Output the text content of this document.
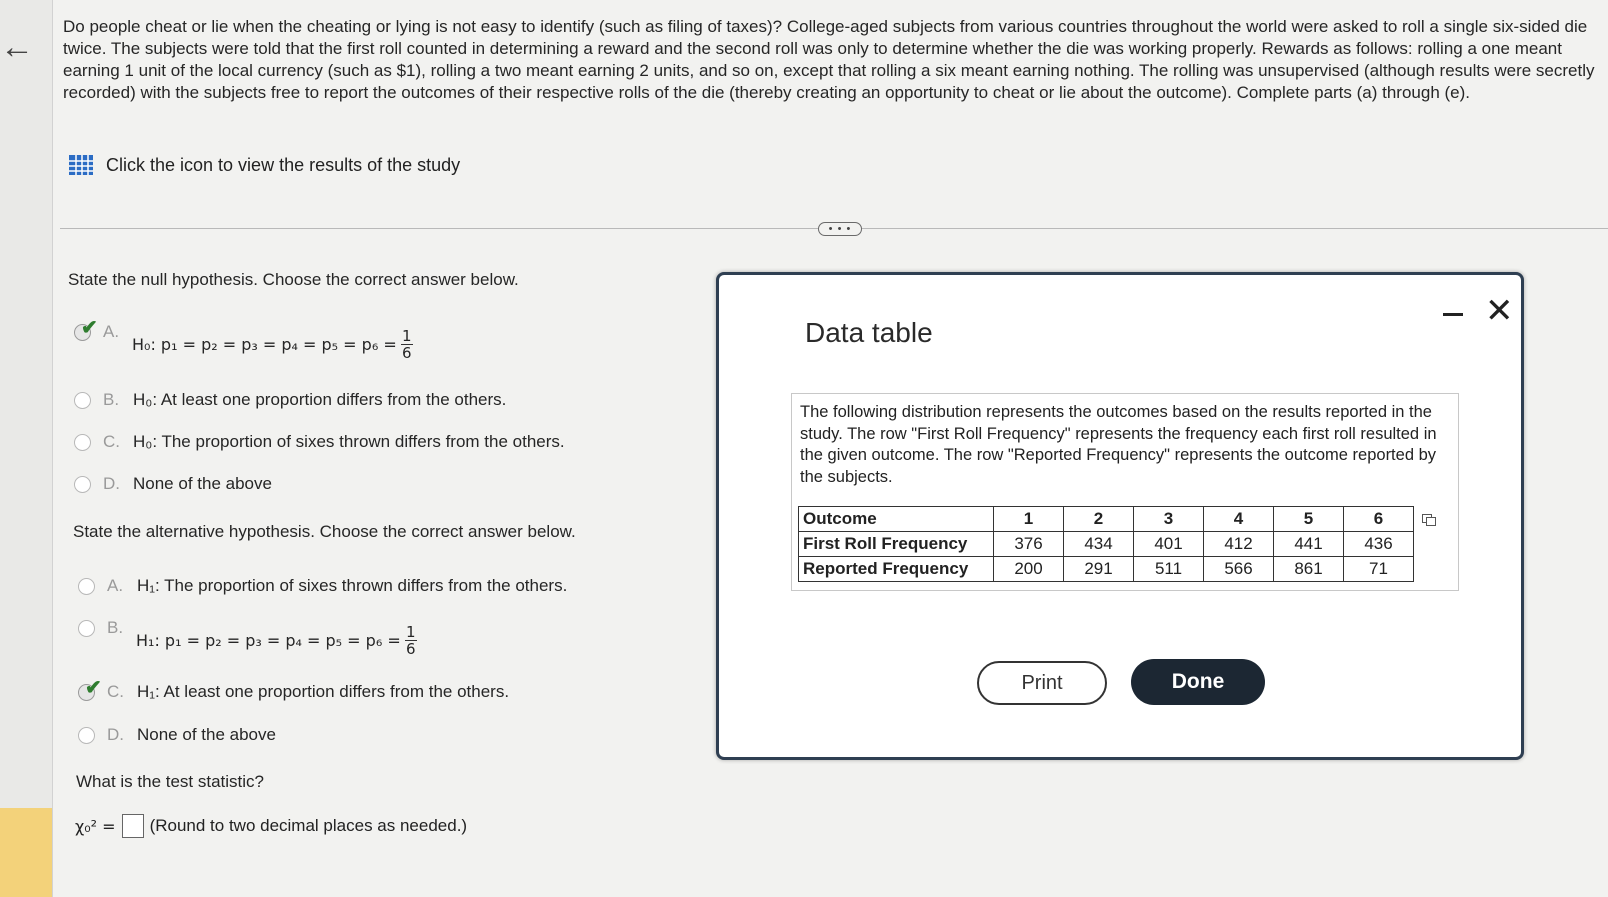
←
Do people cheat or lie when the cheating or lying is not easy to identify (such as filing of taxes)? College-aged subjects from various countries throughout the world were asked to roll a single six-sided die twice. The subjects were told that the first roll counted in determining a reward and the second roll was only to determine whether the die was working properly. Rewards as follows: rolling a one meant earning 1 unit of the local currency (such as $1), rolling a two meant earning 2 units, and so on, except that rolling a six meant earning nothing. The rolling was unsupervised (although results were secretly recorded) with the subjects free to report the outcomes of their respective rolls of the die (thereby creating an opportunity to cheat or lie about the outcome). Complete parts (a) through (e).
Click the icon to view the results of the study
• • •
State the null hypothesis. Choose the correct answer below.
✔ A.
H₀: $p_1 = p_2 = p_3 = p_4 = p_5 = p_6 = \frac{1}{6}$
B. H₀: At least one proportion differs from the others.
C. H₀: The proportion of sixes thrown differs from the others.
D. None of the above
State the alternative hypothesis. Choose the correct answer below.
A. H₁: The proportion of sixes thrown differs from the others.
B.
H₁: $p_1 = p_2 = p_3 = p_4 = p_5 = p_6 = \frac{1}{6}$
✔ C. H₁: At least one proportion differs from the others.
D. None of the above
What is the test statistic?
χ₀² = (Round to two decimal places as needed.)
Data table
✕
The following distribution represents the outcomes based on the results reported in the study. The row "First Roll Frequency" represents the frequency each first roll resulted in the given outcome. The row "Reported Frequency" represents the outcome reported by the subjects.
Outcome	1	2	3	4	5	6
First Roll Frequency	376	434	401	412	441	436
Reported Frequency	200	291	511	566	861	71
Print	Done
